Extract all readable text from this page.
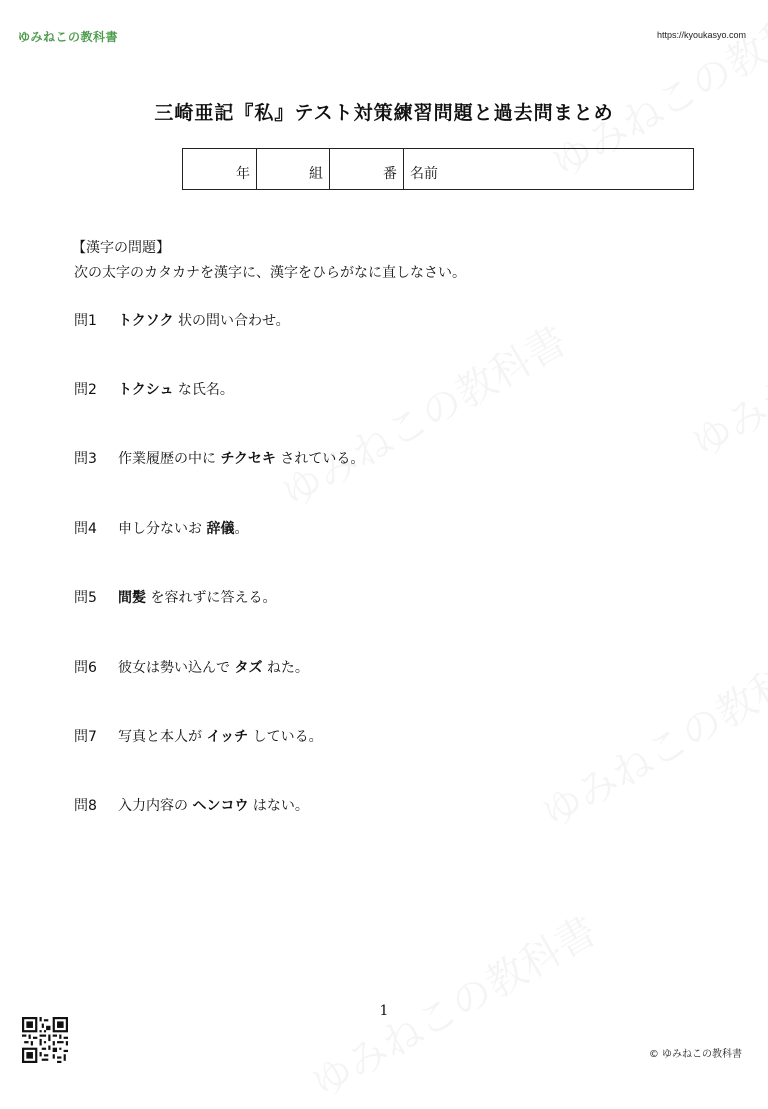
ゆみねこの教科書	https://kyoukasyo.com
三崎亜記『私』テスト対策練習問題と過去問まとめ
年	組	番 名前
【漢字の問題】
次の太字のカタカナを漢字に、漢字をひらがなに直しなさい。
問1 トクソク 状の問い合わせ。
問2 トクシュ な氏名。
問3 作業履歴の中に チクセキ されている。
問4 申し分ないお 辞儀。
問5 間髪 を容れずに答える。
問6 彼女は勢い込んで タズ ねた。
問7 写真と本人が イッチ している。
問8 入力内容の ヘンコウ はない。
1
© ゆみねこの教科書
